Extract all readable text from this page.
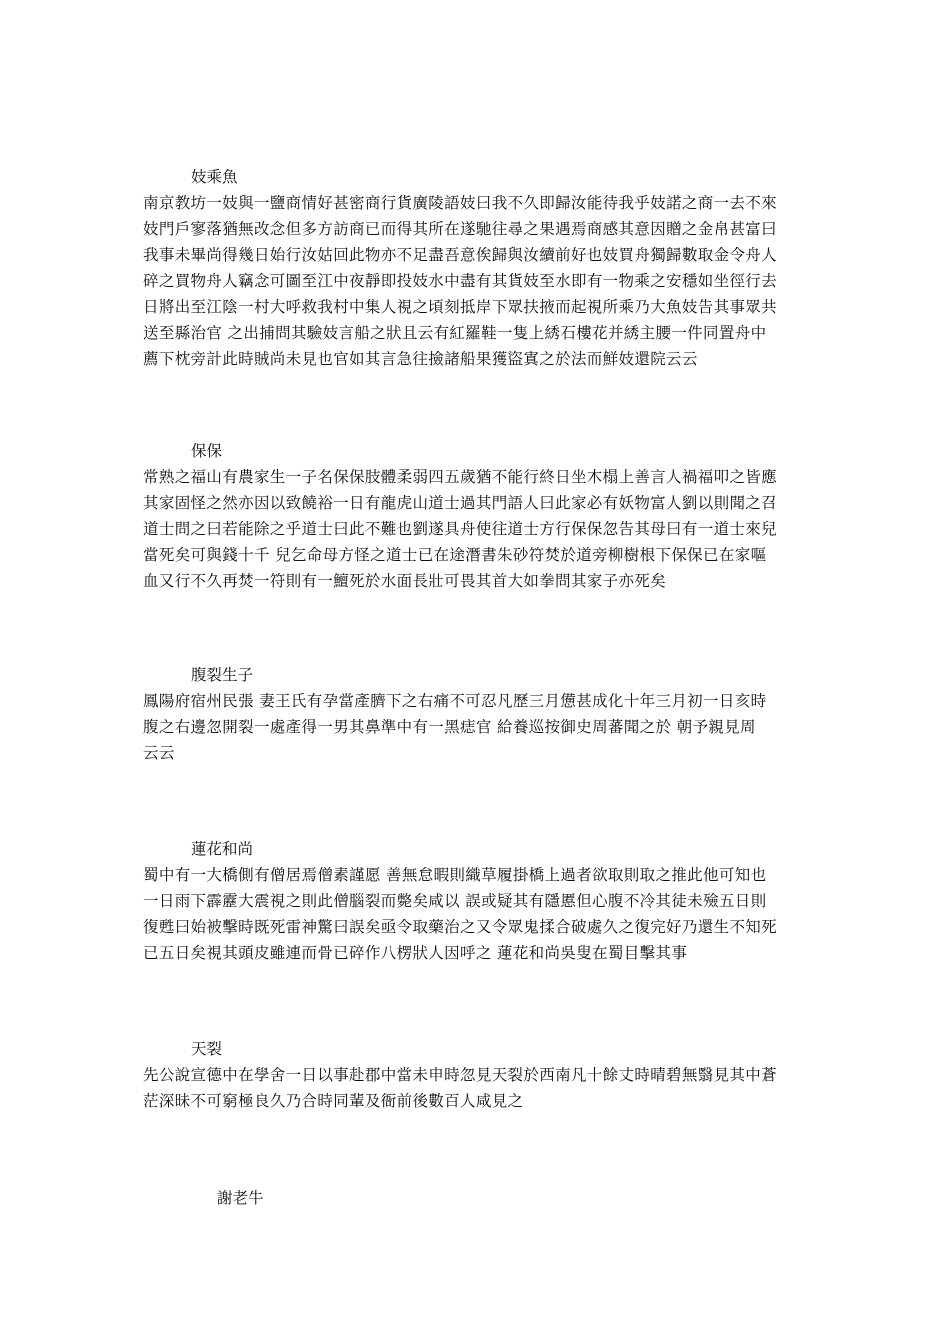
妓乘魚

南京教坊一妓與一鹽商情好甚密商行貨廣陵語妓曰我不久即歸汝能待我乎妓諾之商一去不來
妓門戶寥落猶無改念但多方訪商已而得其所在遂馳往尋之果遇焉商感其意因贈之金帛甚富曰
我事未畢尚得幾日始行汝姑回此物亦不足盡吾意俟歸與汝續前好也妓買舟獨歸數取金令舟人
碎之買物舟人竊念可圖至江中夜靜即投妓水中盡有其貨妓至水即有一物乘之安穩如坐徑行去
日將出至江陰一村大呼救我村中集人視之頃刻抵岸下眾扶掖而起視所乘乃大魚妓告其事眾共
送至縣治官 之出捕問其驗妓言船之狀且云有紅羅鞋一隻上綉石樓花并綉主腰一件同置舟中
薦下枕旁計此時賊尚未見也官如其言急往撿諸船果獲盜寘之於法而鮮妓還院云云

保保

常熟之福山有農家生一子名保保肢體柔弱四五歲猶不能行終日坐木榻上善言人禍福叩之皆應
其家固怪之然亦因以致饒裕一日有龍虎山道士過其門語人曰此家必有妖物富人劉以則聞之召
道士問之曰若能除之乎道士曰此不難也劉遂具舟使往道士方行保保忽告其母曰有一道士來兒
當死矣可與錢十千 兒乞命母方怪之道士已在途潛書朱砂符焚於道旁柳樹根下保保已在家嘔
血又行不久再焚一符則有一鱣死於水面長壯可畏其首大如拳問其家子亦死矣

腹裂生子

鳳陽府宿州民張 妻王氏有孕當產臍下之右痛不可忍凡歷三月憊甚成化十年三月初一日亥時
腹之右邊忽開裂一處產得一男其鼻準中有一黑痣官 給養巡按御史周蕃聞之於 朝予親見周
云云

蓮花和尚

蜀中有一大橋側有僧居焉僧素謹愿 善無怠暇則織草履掛橋上過者欲取則取之推此他可知也
一日雨下霹靂大震視之則此僧腦裂而斃矣咸以 誤或疑其有隱慝但心腹不冷其徒未殮五日則
復甦曰始被擊時既死雷神驚曰誤矣亟令取藥治之又令眾鬼揉合破處久之復完好乃還生不知死
已五日矣視其頭皮雖連而骨已碎作八楞狀人因呼之 蓮花和尚吳叟在蜀目擊其事

天裂

先公說宣德中在學舍一日以事赴郡中當未申時忽見天裂於西南凡十餘丈時晴碧無翳見其中蒼
茫深昧不可窮極良久乃合時同輩及衙前後數百人咸見之

謝老牛
